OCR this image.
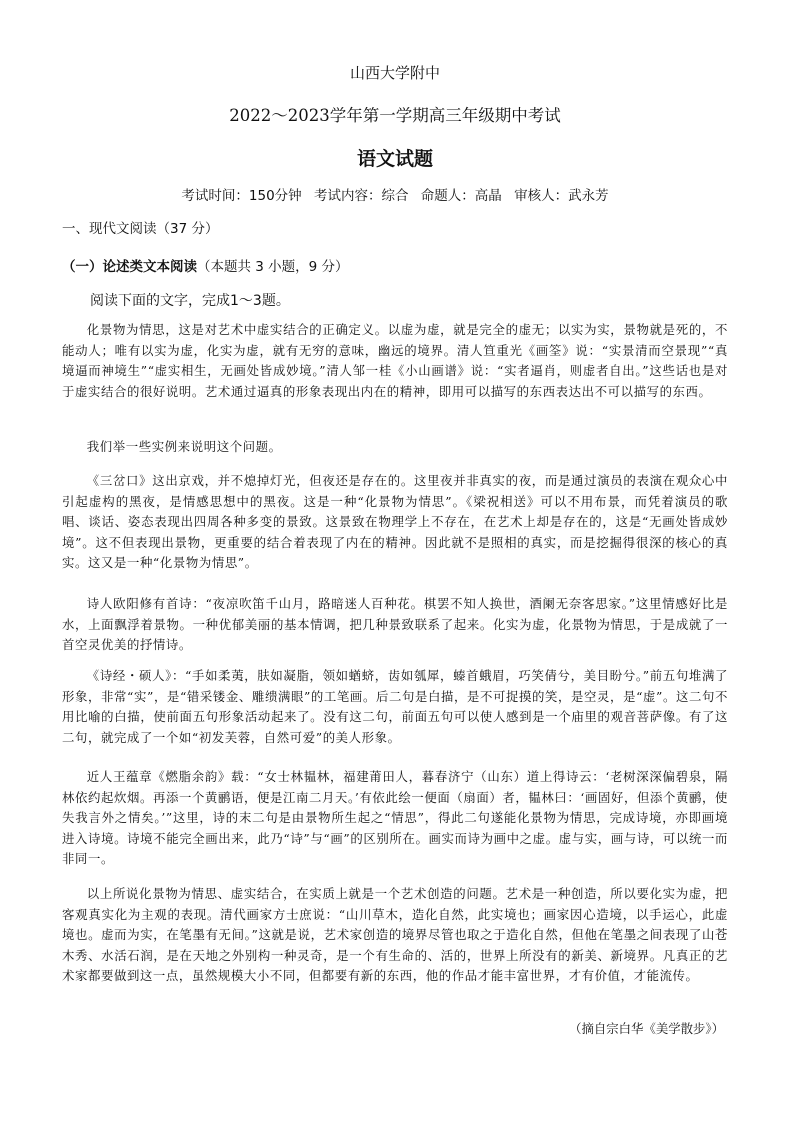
山西大学附中
2022～2023学年第一学期高三年级期中考试
语文试题
考试时间：150分钟 考试内容：综合 命题人：高晶 审核人：武永芳
一、现代文阅读（37 分）
（一）论述类文本阅读（本题共 3 小题，9 分）
阅读下面的文字，完成1～3题。
化景物为情思，这是对艺术中虚实结合的正确定义。以虚为虚，就是完全的虚无；以实为实，景物就是死的，不能动人；唯有以实为虚，化实为虚，就有无穷的意味，幽远的境界。清人笪重光《画筌》说：“实景清而空景现”“真境逼而神境生”“虚实相生，无画处皆成妙境。”清人邹一桂《小山画谱》说：“实者逼肖，则虚者自出。”这些话也是对于虚实结合的很好说明。艺术通过逼真的形象表现出内在的精神，即用可以描写的东西表达出不可以描写的东西。
我们举一些实例来说明这个问题。
《三岔口》这出京戏，并不熄掉灯光，但夜还是存在的。这里夜并非真实的夜，而是通过演员的表演在观众心中引起虚构的黑夜，是情感思想中的黑夜。这是一种“化景物为情思”。《梁祝相送》可以不用布景，而凭着演员的歌唱、谈话、姿态表现出四周各种多变的景致。这景致在物理学上不存在，在艺术上却是存在的，这是“无画处皆成妙境”。这不但表现出景物，更重要的结合着表现了内在的精神。因此就不是照相的真实，而是挖掘得很深的核心的真实。这又是一种“化景物为情思”。
诗人欧阳修有首诗：“夜凉吹笛千山月，路暗迷人百种花。棋罢不知人换世，酒阑无奈客思家。”这里情感好比是水，上面飘浮着景物。一种优郁美丽的基本情调，把几种景致联系了起来。化实为虚，化景物为情思，于是成就了一首空灵优美的抒情诗。
《诗经・硕人》：“手如柔荑，肤如凝脂，领如蝤蛴，齿如瓠犀，螓首蛾眉，巧笑倩兮，美目盼兮。”前五句堆满了形象，非常“实”，是“错采镂金、雕缋满眼”的工笔画。后二句是白描，是不可捉摸的笑，是空灵，是“虚”。这二句不用比喻的白描，使前面五句形象活动起来了。没有这二句，前面五句可以使人感到是一个庙里的观音菩萨像。有了这二句，就完成了一个如“初发芙蓉，自然可爱”的美人形象。
近人王蕴章《燃脂余韵》载：“女士林韫林，福建莆田人，暮春济宁（山东）道上得诗云：‘老树深深偏碧泉，隔林依约起炊烟。再添一个黄鹂语，便是江南二月天。’有依此绘一便面（扇面）者，韫林曰：‘画固好，但添个黄鹂，使失我言外之情矣。’”这里，诗的末二句是由景物所生起之“情思”，得此二句遂能化景物为情思，完成诗境，亦即画境进入诗境。诗境不能完全画出来，此乃“诗”与“画”的区别所在。画实而诗为画中之虚。虚与实，画与诗，可以统一而非同一。
以上所说化景物为情思、虚实结合，在实质上就是一个艺术创造的问题。艺术是一种创造，所以要化实为虚，把客观真实化为主观的表现。清代画家方士庶说：“山川草木，造化自然，此实境也；画家因心造境，以手运心，此虚境也。虚而为实，在笔墨有无间。”这就是说，艺术家创造的境界尽管也取之于造化自然，但他在笔墨之间表现了山苍木秀、水活石润，是在天地之外别构一种灵奇，是一个有生命的、活的，世界上所没有的新美、新境界。凡真正的艺术家都要做到这一点，虽然规模大小不同，但都要有新的东西，他的作品才能丰富世界，才有价值，才能流传。
（摘自宗白华《美学散步》）
